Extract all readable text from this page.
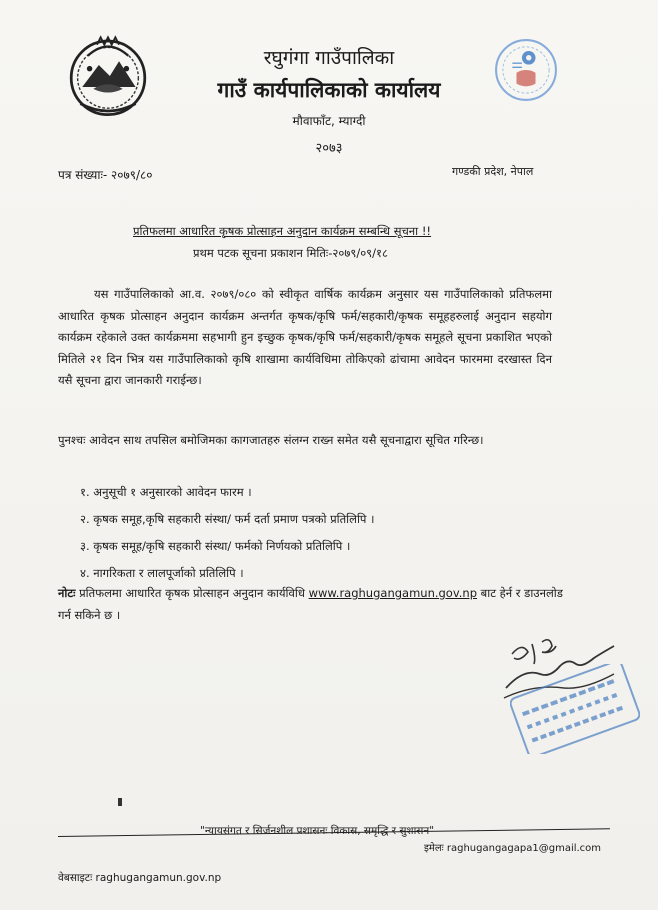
रघुगंगा गाउँपालिका
गाउँ कार्यपालिकाको कार्यालय
मौवाफाँट, म्याग्दी
२०७३
पत्र संख्याः- २०७९/८०	गण्डकी प्रदेश, नेपाल
प्रतिफलमा आधारित कृषक प्रोत्साहन अनुदान कार्यक्रम सम्बन्धि सूचना !!
प्रथम पटक सूचना प्रकाशन मितिः-२०७९/०९/१८
यस गाउँपालिकाको आ.व. २०७९/०८० को स्वीकृत वार्षिक कार्यक्रम अनुसार यस गाउँपालिकाको प्रतिफलमा आधारित कृषक प्रोत्साहन अनुदान कार्यक्रम अन्तर्गत कृषक/कृषि फर्म/सहकारी/कृषक समूहहरुलाई अनुदान सहयोग कार्यक्रम रहेकाले उक्त कार्यक्रममा सहभागी हुन इच्छुक कृषक/कृषि फर्म/सहकारी/कृषक समूहले सूचना प्रकाशित भएको मितिले २१ दिन भित्र यस गाउँपालिकाको कृषि शाखामा कार्यविधिमा तोकिएको ढांचामा आवेदन फारममा दरखास्त दिन यसै सूचना द्वारा जानकारी गराईन्छ।
पुनश्चः आवेदन साथ तपसिल बमोजिमका कागजातहरु संलग्न राख्न समेत यसै सूचनाद्वारा सूचित गरिन्छ।
१. अनुसूची १ अनुसारको आवेदन फारम ।
२. कृषक समूह,कृषि सहकारी संस्था/ फर्म दर्ता प्रमाण पत्रको प्रतिलिपि ।
३. कृषक समूह/कृषि सहकारी संस्था/ फर्मको निर्णयको प्रतिलिपि ।
४. नागरिकता र लालपूर्जाको प्रतिलिपि ।
नोटः प्रतिफलमा आधारित कृषक प्रोत्साहन अनुदान कार्यविधि www.raghugangamun.gov.np बाट हेर्न र डाउनलोड गर्न सकिने छ ।
"न्यायसंगत र सिर्जनशील प्रशासनः विकास, समृद्धि र सुशासन"
इमेलः raghugangagapa1@gmail.com
वेबसाइटः raghugangamun.gov.np
